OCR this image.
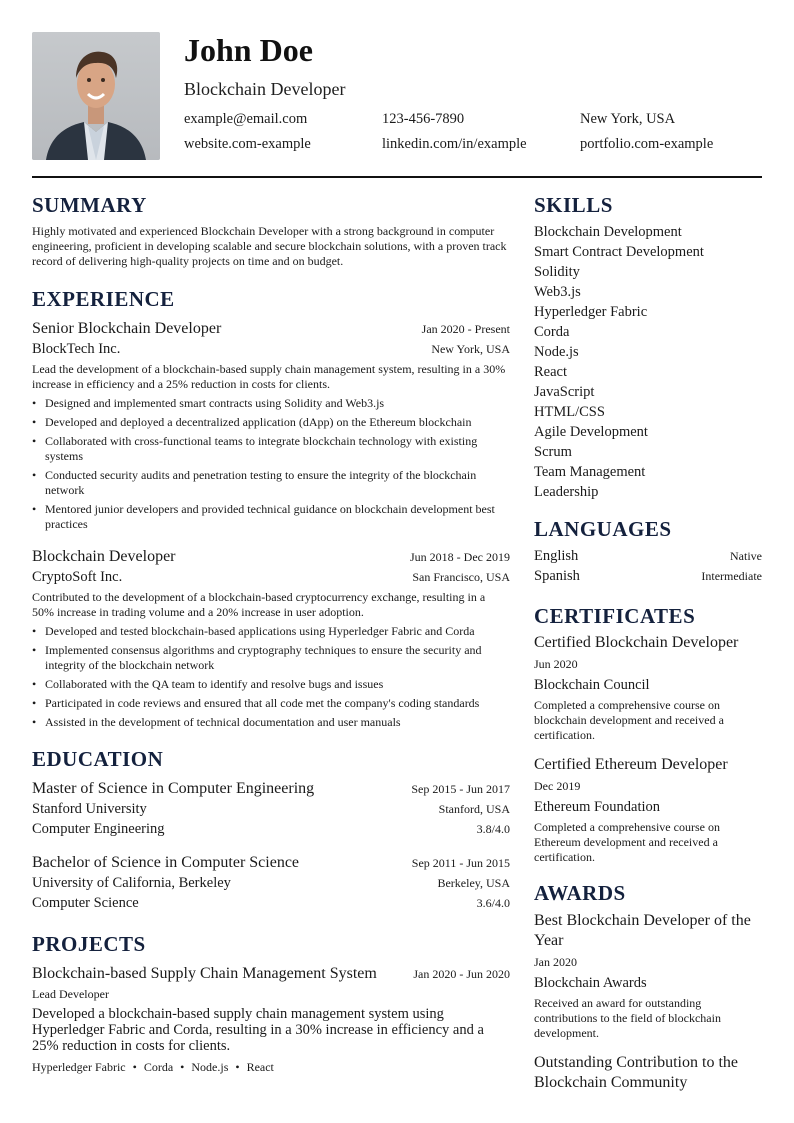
John Doe
Blockchain Developer
example@email.com	123-456-7890	New York, USA
website.com-example	linkedin.com/in/example	portfolio.com-example
SUMMARY
Highly motivated and experienced Blockchain Developer with a strong background in computer engineering, proficient in developing scalable and secure blockchain solutions, with a proven track record of delivering high-quality projects on time and on budget.
EXPERIENCE
Senior Blockchain Developer	Jan 2020 - Present
BlockTech Inc.	New York, USA
Lead the development of a blockchain-based supply chain management system, resulting in a 30% increase in efficiency and a 25% reduction in costs for clients.
• Designed and implemented smart contracts using Solidity and Web3.js
• Developed and deployed a decentralized application (dApp) on the Ethereum blockchain
• Collaborated with cross-functional teams to integrate blockchain technology with existing systems
• Conducted security audits and penetration testing to ensure the integrity of the blockchain network
• Mentored junior developers and provided technical guidance on blockchain development best practices
Blockchain Developer	Jun 2018 - Dec 2019
CryptoSoft Inc.	San Francisco, USA
Contributed to the development of a blockchain-based cryptocurrency exchange, resulting in a 50% increase in trading volume and a 20% increase in user adoption.
• Developed and tested blockchain-based applications using Hyperledger Fabric and Corda
• Implemented consensus algorithms and cryptography techniques to ensure the security and integrity of the blockchain network
• Collaborated with the QA team to identify and resolve bugs and issues
• Participated in code reviews and ensured that all code met the company's coding standards
• Assisted in the development of technical documentation and user manuals
EDUCATION
Master of Science in Computer Engineering	Sep 2015 - Jun 2017
Stanford University	Stanford, USA
Computer Engineering	3.8/4.0
Bachelor of Science in Computer Science	Sep 2011 - Jun 2015
University of California, Berkeley	Berkeley, USA
Computer Science	3.6/4.0
PROJECTS
Blockchain-based Supply Chain Management System	Jan 2020 - Jun 2020
Lead Developer
Developed a blockchain-based supply chain management system using Hyperledger Fabric and Corda, resulting in a 30% increase in efficiency and a 25% reduction in costs for clients.
Hyperledger Fabric • Corda • Node.js • React
SKILLS
Blockchain Development
Smart Contract Development
Solidity
Web3.js
Hyperledger Fabric
Corda
Node.js
React
JavaScript
HTML/CSS
Agile Development
Scrum
Team Management
Leadership
LANGUAGES
English	Native
Spanish	Intermediate
CERTIFICATES
Certified Blockchain Developer
Jun 2020
Blockchain Council
Completed a comprehensive course on blockchain development and received a certification.
Certified Ethereum Developer
Dec 2019
Ethereum Foundation
Completed a comprehensive course on Ethereum development and received a certification.
AWARDS
Best Blockchain Developer of the Year
Jan 2020
Blockchain Awards
Received an award for outstanding contributions to the field of blockchain development.
Outstanding Contribution to the Blockchain Community
